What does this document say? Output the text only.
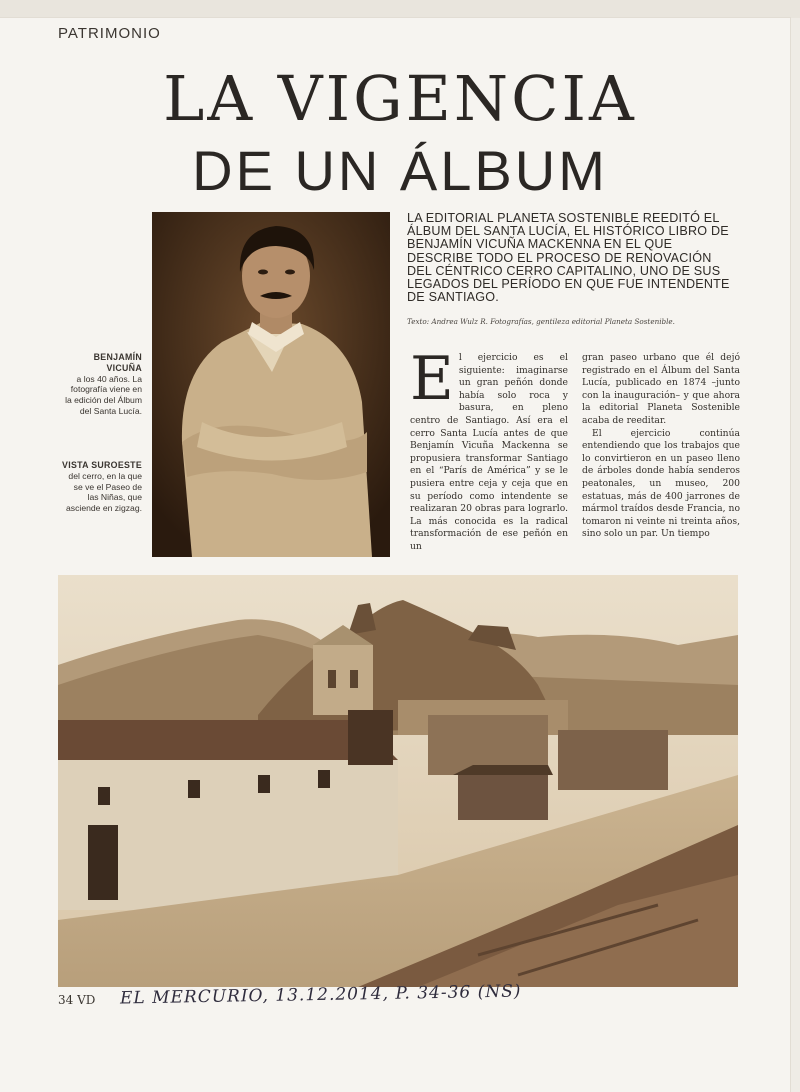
PATRIMONIO
LA VIGENCIA
DE UN ÁLBUM
LA EDITORIAL PLANETA SOSTENIBLE REEDITÓ EL ÁLBUM DEL SANTA LUCÍA, EL HISTÓRICO LIBRO DE BENJAMÍN VICUÑA MACKENNA EN EL QUE DESCRIBE TODO EL PROCESO DE RENOVACIÓN DEL CÉNTRICO CERRO CAPITALINO, UNO DE SUS LEGADOS DEL PERÍODO EN QUE FUE INTENDENTE DE SANTIAGO.
Texto: Andrea Wulz R. Fotografías, gentileza editorial Planeta Sostenible.
BENJAMÍN VICUÑA
a los 40 años. La fotografía viene en la edición del Álbum del Santa Lucía.
VISTA SUROESTE
del cerro, en la que se ve el Paseo de las Niñas, que asciende en zigzag.
El ejercicio es el siguiente: imaginarse un gran peñón donde había solo roca y basura, en pleno centro de Santiago. Así era el cerro Santa Lucía antes de que Benjamín Vicuña Mackenna se propusiera transformar Santiago en el “París de América” y se le pusiera entre ceja y ceja que en su período como intendente se realizaran 20 obras para lograrlo. La más conocida es la radical transformación de ese peñón en un
gran paseo urbano que él dejó registrado en el Álbum del Santa Lucía, publicado en 1874 –junto con la inauguración– y que ahora la editorial Planeta Sostenible acaba de reeditar.
El ejercicio continúa entendiendo que los trabajos que lo convirtieron en un paseo lleno de árboles donde había senderos peatonales, un museo, 200 estatuas, más de 400 jarrones de mármol traídos desde Francia, no tomaron ni veinte ni treinta años, sino solo un par. Un tiempo
34 VD EL MERCURIO, 13.12.2014, P. 34-36 (NS)
